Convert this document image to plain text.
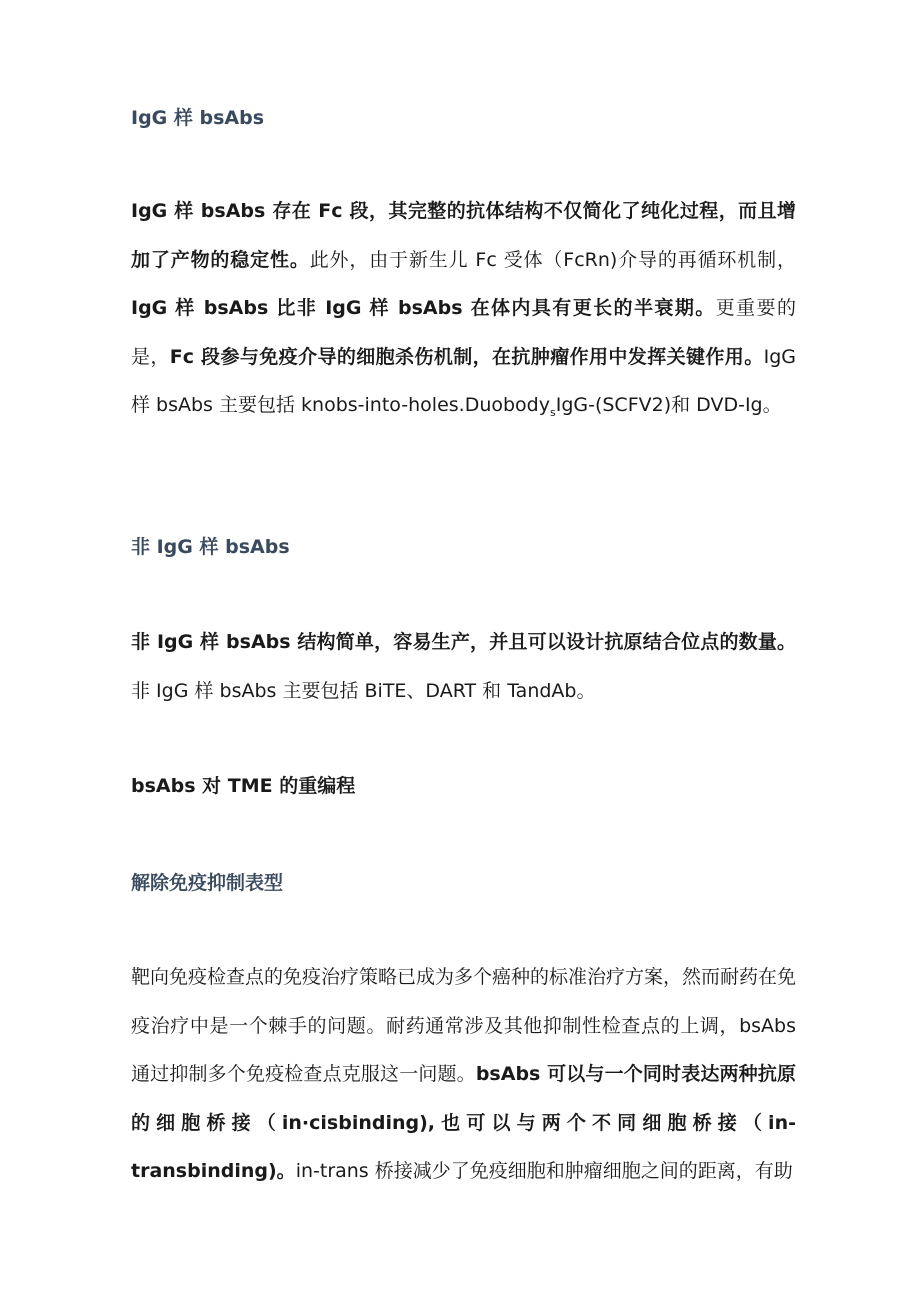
IgG 样 bsAbs
IgG 样 bsAbs 存在 Fc 段，其完整的抗体结构不仅简化了纯化过程，而且增加了产物的稳定性。此外，由于新生儿 Fc 受体（FcRn)介导的再循环机制，IgG 样 bsAbs 比非 IgG 样 bsAbs 在体内具有更长的半衰期。更重要的是，Fc 段参与免疫介导的细胞杀伤机制，在抗肿瘤作用中发挥关键作用。IgG 样 bsAbs 主要包括 knobs-into-holes.Duobody$_s$IgG-(SCFV2)和 DVD-Ig。
非 IgG 样 bsAbs
非 IgG 样 bsAbs 结构简单，容易生产，并且可以设计抗原结合位点的数量。非 IgG 样 bsAbs 主要包括 BiTE、DART 和 TandAb。
bsAbs 对 TME 的重编程
解除免疫抑制表型
靶向免疫检查点的免疫治疗策略已成为多个癌种的标准治疗方案，然而耐药在免疫治疗中是一个棘手的问题。耐药通常涉及其他抑制性检查点的上调，bsAbs 通过抑制多个免疫检查点克服这一问题。bsAbs 可以与一个同时表达两种抗原的细胞桥接（in·cisbinding),也可以与两个不同细胞桥接（in-transbinding)。in-trans 桥接减少了免疫细胞和肿瘤细胞之间的距离，有助
